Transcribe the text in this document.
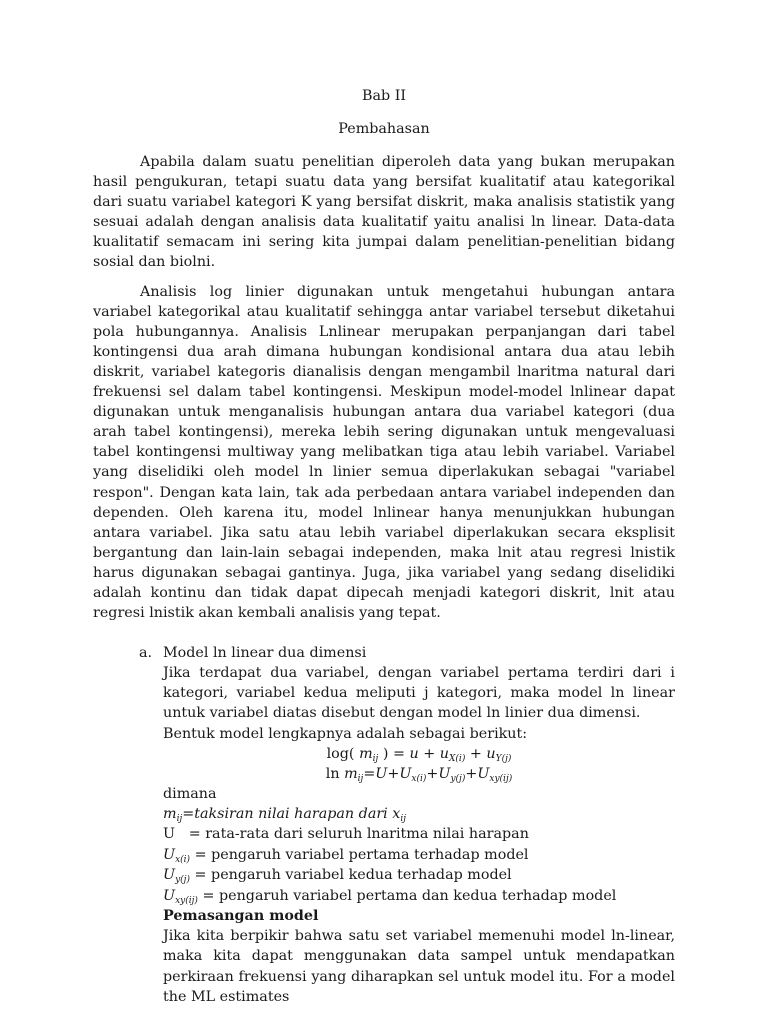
Bab II
Pembahasan

Apabila dalam suatu penelitian diperoleh data yang bukan merupakan hasil pengukuran, tetapi suatu data yang bersifat kualitatif atau kategorikal dari suatu variabel kategori K yang bersifat diskrit, maka analisis statistik yang sesuai adalah dengan analisis data kualitatif yaitu analisi ln linear. Data-data kualitatif semacam ini sering kita jumpai dalam penelitian-penelitian bidang sosial dan biolni.

Analisis log linier digunakan untuk mengetahui hubungan antara variabel kategorikal atau kualitatif sehingga antar variabel tersebut diketahui pola hubungannya. Analisis Lnlinear merupakan perpanjangan dari tabel kontingensi dua arah dimana hubungan kondisional antara dua atau lebih diskrit, variabel kategoris dianalisis dengan mengambil lnaritma natural dari frekuensi sel dalam tabel kontingensi. Meskipun model-model lnlinear dapat digunakan untuk menganalisis hubungan antara dua variabel kategori (dua arah tabel kontingensi), mereka lebih sering digunakan untuk mengevaluasi tabel kontingensi multiway yang melibatkan tiga atau lebih variabel. Variabel yang diselidiki oleh model ln linier semua diperlakukan sebagai "variabel respon". Dengan kata lain, tak ada perbedaan antara variabel independen dan dependen. Oleh karena itu, model lnlinear hanya menunjukkan hubungan antara variabel. Jika satu atau lebih variabel diperlakukan secara eksplisit bergantung dan lain-lain sebagai independen, maka lnit atau regresi lnistik harus digunakan sebagai gantinya. Juga, jika variabel yang sedang diselidiki adalah kontinu dan tidak dapat dipecah menjadi kategori diskrit, lnit atau regresi lnistik akan kembali analisis yang tepat.

a. Model ln linear dua dimensi

Jika terdapat dua variabel, dengan variabel pertama terdiri dari i kategori, variabel kedua meliputi j kategori, maka model ln linear untuk variabel diatas disebut dengan model ln linier dua dimensi.

Bentuk model lengkapnya adalah sebagai berikut:
log( $m_{ij}$ ) = $u + u_{X(i)} + u_{Y(j)}$
$\ln m_{ij}=U+U_{x(i)}+U_{y(j)}+U_{xy(ij)}$
dimana
$m_{ij}=taksiran$ nilai harapan dari $x_{ij}$
U   = rata-rata dari seluruh lnaritma nilai harapan
$U_{x(i)}$ = pengaruh variabel pertama terhadap model
$U_{y(j)}$ = pengaruh variabel kedua terhadap model
$U_{xy(ij)}$ = pengaruh variabel pertama dan kedua terhadap model
Pemasangan model

Jika kita berpikir bahwa satu set variabel memenuhi model ln-linear, maka kita dapat menggunakan data sampel untuk mendapatkan perkiraan frekuensi yang diharapkan sel untuk model itu. For a model the ML estimates
